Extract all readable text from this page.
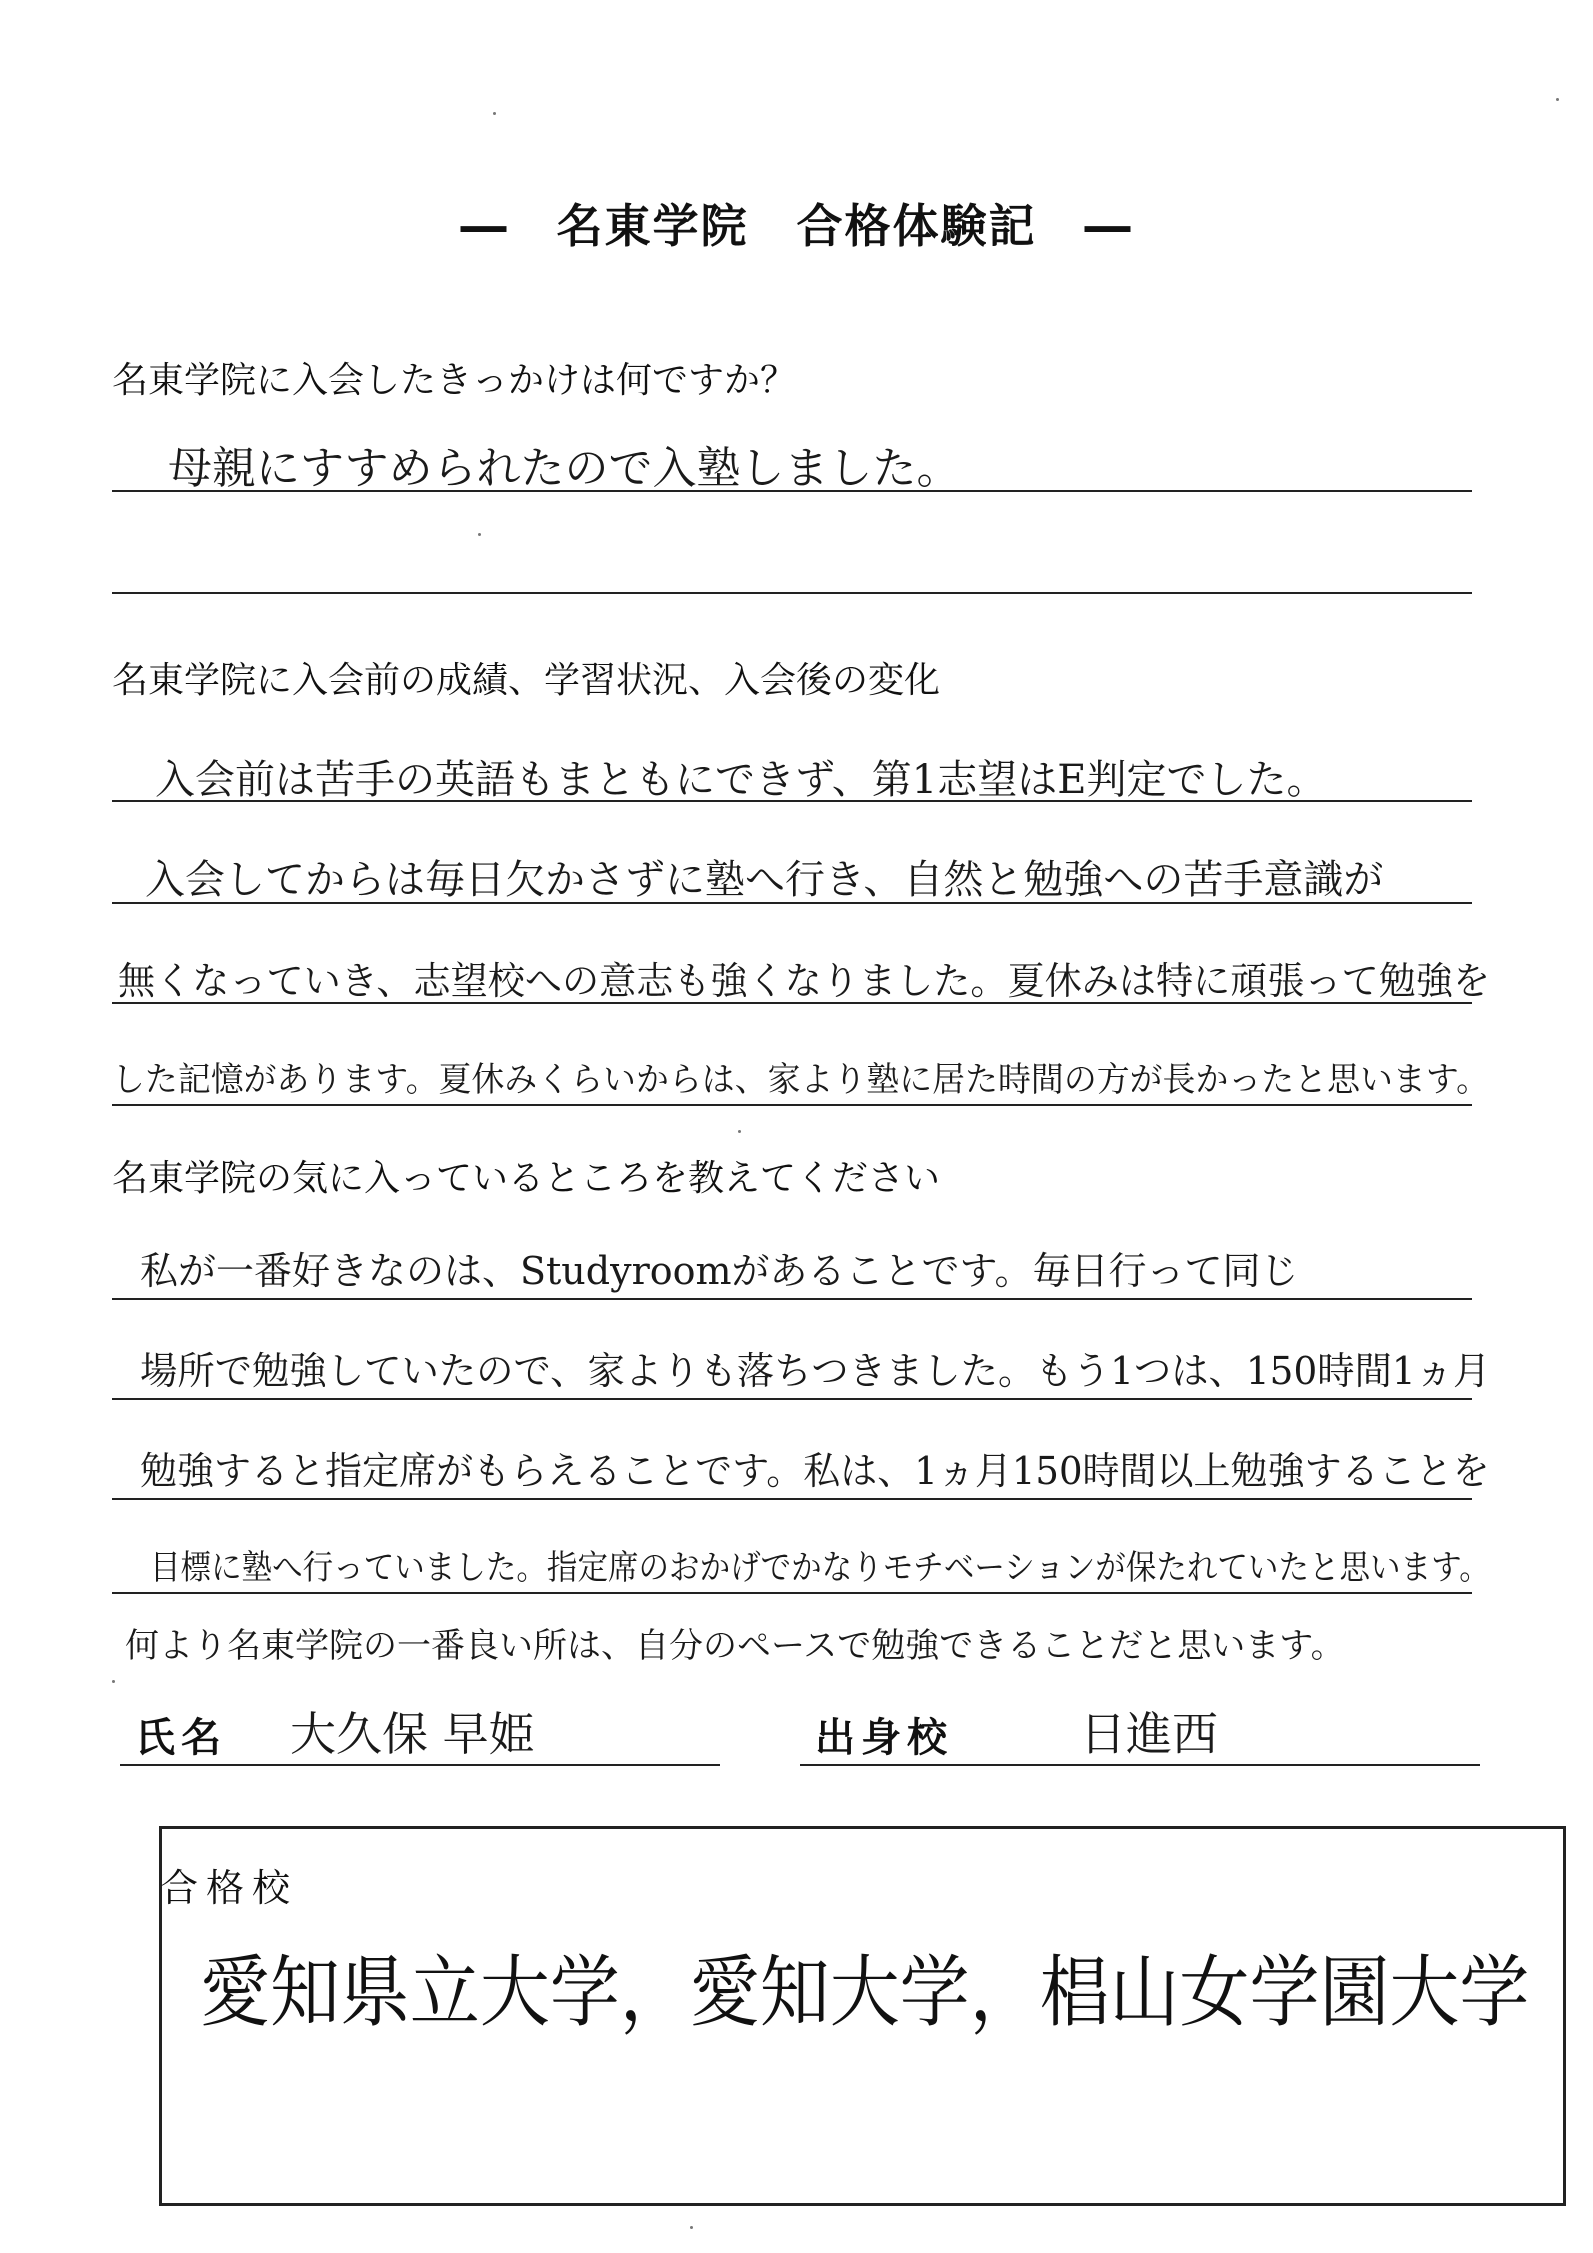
―　名東学院　合格体験記　―
名東学院に入会したきっかけは何ですか？
母親にすすめられたので入塾しました。
名東学院に入会前の成績、学習状況、入会後の変化
入会前は苦手の英語もまともにできず、第1志望はE判定でした。
入会してからは毎日欠かさずに塾へ行き、自然と勉強への苦手意識が
無くなっていき、志望校への意志も強くなりました。夏休みは特に頑張って勉強を
した記憶があります。夏休みくらいからは、家より塾に居た時間の方が長かったと思います。
名東学院の気に入っているところを教えてください
私が一番好きなのは、Studyroomがあることです。毎日行って同じ
場所で勉強していたので、家よりも落ちつきました。もう1つは、150時間1ヵ月
勉強すると指定席がもらえることです。私は、1ヵ月150時間以上勉強することを
目標に塾へ行っていました。指定席のおかげでかなりモチベーションが保たれていたと思います。
何より名東学院の一番良い所は、自分のペースで勉強できることだと思います。
氏名 大久保 早姫	出身校	日進西
合格校
愛知県立大学，愛知大学，椙山女学園大学
